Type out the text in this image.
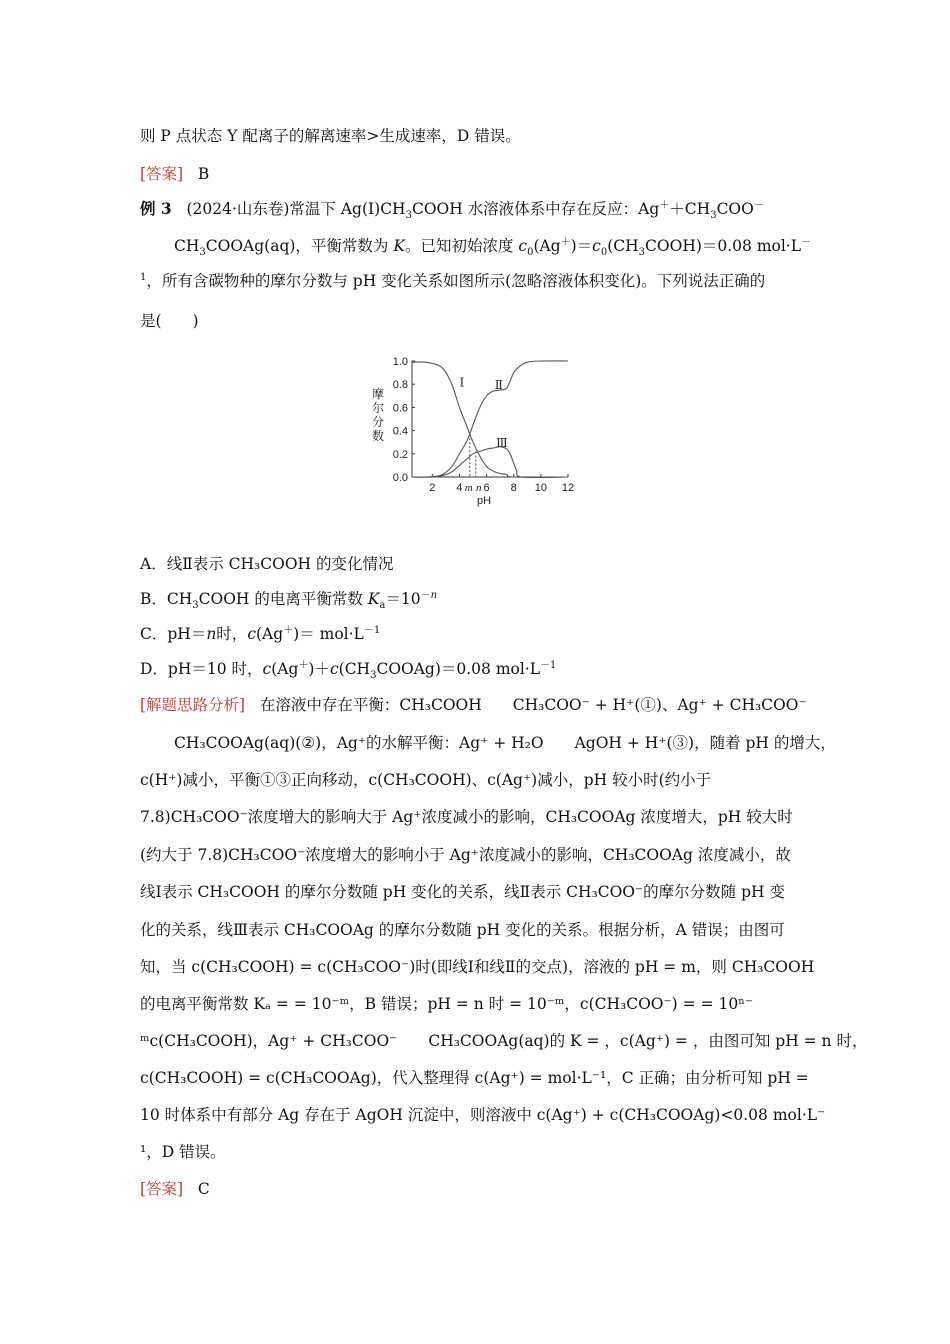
则 P 点状态 Y 配离子的解离速率>生成速率，D 错误。
[答案] B
例 3 (2024·山东卷)常温下 $Ag(Ⅰ)CH_3COOH$ 水溶液体系中存在反应：$Ag^++CH_3COO^-$
$CH_3COOAg(aq)$，平衡常数为 K。已知初始浓度 $c_0(Ag^+)=c_0(CH_3COOH)=0.08$ mol·L－
$^1$，所有含碳物种的摩尔分数与 pH 变化关系如图所示(忽略溶液体积变化)。下列说法正确的
是(　　)
摩
尔
分
数
0.0
0.2
0.4
0.6
0.8
1.0
2 4 6 8 10 12
pH
m n
Ⅰ	Ⅱ
Ⅲ
A．线Ⅱ表示 CH₃COOH 的变化情况
B．$CH_3COOH$ 的电离平衡常数 $K_a=10^{-n}$
C．pH＝n时，$c(Ag^+)= mol\cdot L^{-1}$
D．pH＝10 时，$c(Ag^+)+c(CH_3COOAg)=0.08$ $mol\cdot L^{-1}$
[解题思路分析] 在溶液中存在平衡：CH₃COOH　　CH₃COO⁻ + H⁺(①)、Ag⁺ + CH₃COO⁻
CH₃COOAg(aq)(②)，Ag⁺的水解平衡：Ag⁺ + H₂O　　AgOH + H⁺(③)，随着 pH 的增大，
c(H⁺)减小，平衡①③正向移动，c(CH₃COOH)、c(Ag⁺)减小，pH 较小时(约小于
7.8)CH₃COO⁻浓度增大的影响大于 Ag⁺浓度减小的影响，CH₃COOAg 浓度增大，pH 较大时
(约大于 7.8)CH₃COO⁻浓度增大的影响小于 Ag⁺浓度减小的影响，CH₃COOAg 浓度减小，故
线Ⅰ表示 CH₃COOH 的摩尔分数随 pH 变化的关系，线Ⅱ表示 CH₃COO⁻的摩尔分数随 pH 变
化的关系，线Ⅲ表示 CH₃COOAg 的摩尔分数随 pH 变化的关系。根据分析，A 错误；由图可
知，当 c(CH₃COOH) = c(CH₃COO⁻)时(即线Ⅰ和线Ⅱ的交点)，溶液的 pH = m，则 CH₃COOH
的电离平衡常数 Kₐ = = 10⁻ᵐ，B 错误；pH = n 时 = 10⁻ᵐ，c(CH₃COO⁻) = = 10ⁿ⁻
ᵐc(CH₃COOH)，Ag⁺ + CH₃COO⁻　　CH₃COOAg(aq)的 K = ，c(Ag⁺) = ，由图可知 pH = n 时，
c(CH₃COOH) = c(CH₃COOAg)，代入整理得 c(Ag⁺) = mol·L⁻¹，C 正确；由分析可知 pH =
10 时体系中有部分 Ag 存在于 AgOH 沉淀中，则溶液中 c(Ag⁺) + c(CH₃COOAg)<0.08 mol·L⁻
¹，D 错误。
[答案] C
